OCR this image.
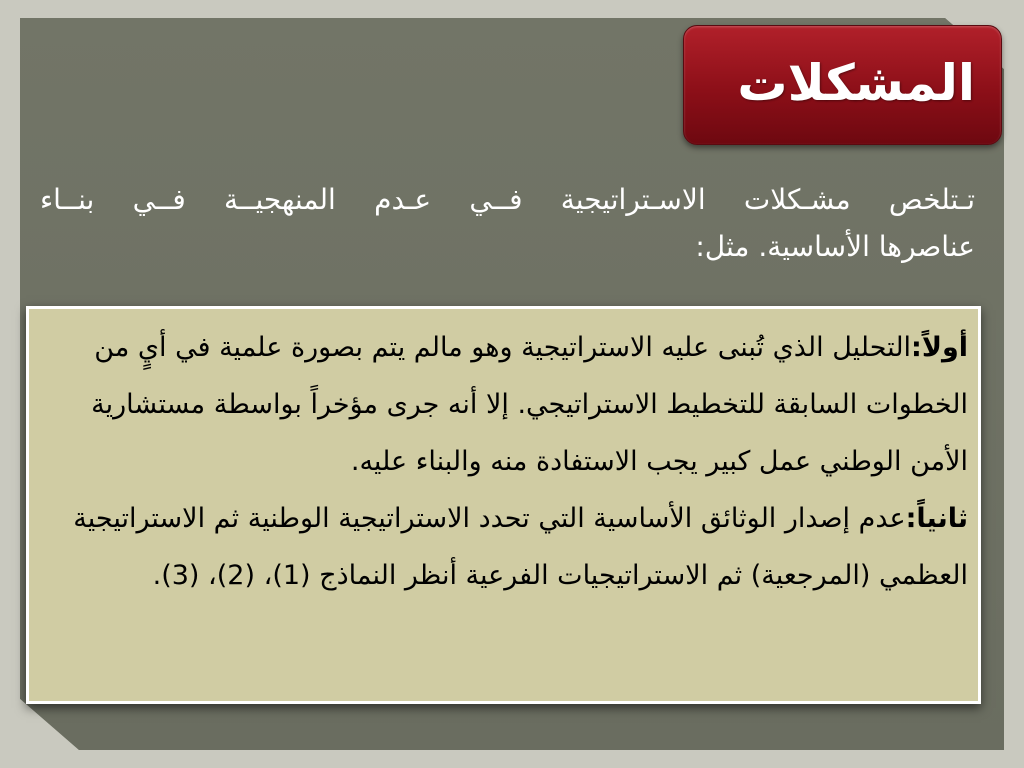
المشكلات
تـتلخص مشـكلات الاسـتراتيجية فــي عـدم المنهجيــة فــي بنــاء
عناصرها الأساسية. مثل:
أولاً:التحليل الذي تُبنى عليه الاستراتيجية وهو مالم يتم بصورة علمية في أيٍ من الخطوات السابقة للتخطيط الاستراتيجي. إلا أنه جرى مؤخراً بواسطة مستشارية الأمن الوطني عمل كبير يجب الاستفادة منه والبناء عليه.
ثانياً:عدم إصدار الوثائق الأساسية التي تحدد الاستراتيجية الوطنية ثم الاستراتيجية العظمي (المرجعية) ثم الاستراتيجيات الفرعية أنظر النماذج (1)، (2)، (3).
